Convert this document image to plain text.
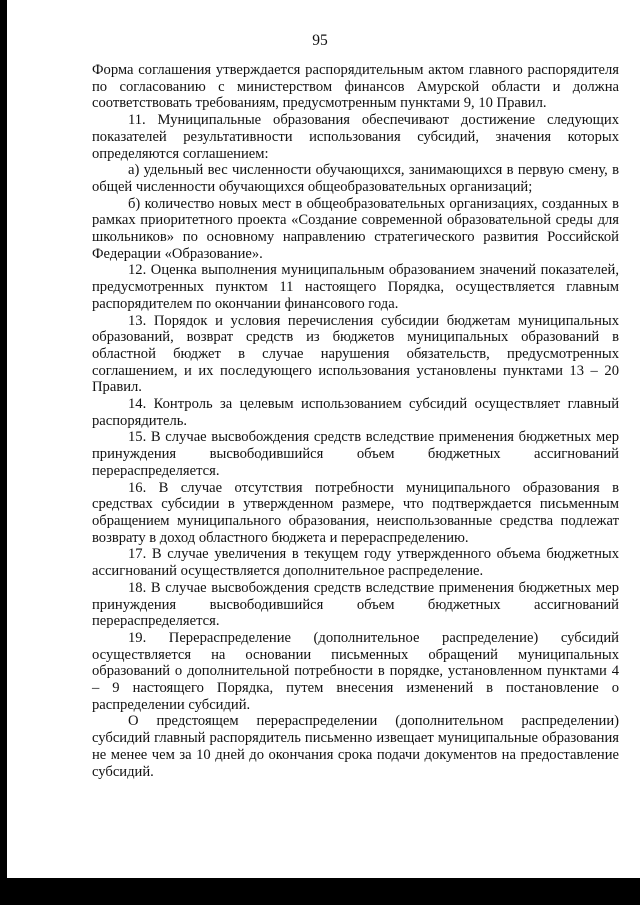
95

Форма соглашения утверждается распорядительным актом главного распорядителя по согласованию с министерством финансов Амурской области и должна соответствовать требованиям, предусмотренным пунктами 9, 10 Правил.

11. Муниципальные образования обеспечивают достижение следующих показателей результативности использования субсидий, значения которых определяются соглашением:

а) удельный вес численности обучающихся, занимающихся в первую смену, в общей численности обучающихся общеобразовательных организаций;

б) количество новых мест в общеобразовательных организациях, созданных в рамках приоритетного проекта «Создание современной образовательной среды для школьников» по основному направлению стратегического развития Российской Федерации «Образование».

12. Оценка выполнения муниципальным образованием значений показателей, предусмотренных пунктом 11 настоящего Порядка, осуществляется главным распорядителем по окончании финансового года.

13. Порядок и условия перечисления субсидии бюджетам муниципальных образований, возврат средств из бюджетов муниципальных образований в областной бюджет в случае нарушения обязательств, предусмотренных соглашением, и их последующего использования установлены пунктами 13 – 20 Правил.

14. Контроль за целевым использованием субсидий осуществляет главный распорядитель.

15. В случае высвобождения средств вследствие применения бюджетных мер принуждения высвободившийся объем бюджетных ассигнований перераспределяется.

16. В случае отсутствия потребности муниципального образования в средствах субсидии в утвержденном размере, что подтверждается письменным обращением муниципального образования, неиспользованные средства подлежат возврату в доход областного бюджета и перераспределению.

17. В случае увеличения в текущем году утвержденного объема бюджетных ассигнований осуществляется дополнительное распределение.

18. В случае высвобождения средств вследствие применения бюджетных мер принуждения высвободившийся объем бюджетных ассигнований перераспределяется.

19. Перераспределение (дополнительное распределение) субсидий осуществляется на основании письменных обращений муниципальных образований о дополнительной потребности в порядке, установленном пунктами 4 – 9 настоящего Порядка, путем внесения изменений в постановление о распределении субсидий.

О предстоящем перераспределении (дополнительном распределении) субсидий главный распорядитель письменно извещает муниципальные образования не менее чем за 10 дней до окончания срока подачи документов на предоставление субсидий.
